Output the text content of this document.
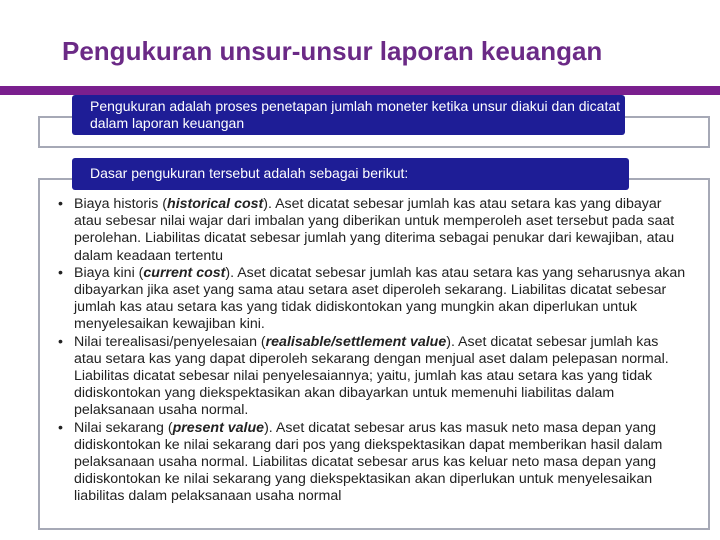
Pengukuran unsur-unsur laporan keuangan
Pengukuran adalah proses penetapan jumlah moneter ketika unsur diakui dan dicatat dalam laporan keuangan
Dasar pengukuran tersebut adalah sebagai berikut:
• Biaya historis (historical cost). Aset dicatat sebesar jumlah kas atau setara kas yang dibayar atau sebesar nilai wajar dari imbalan yang diberikan untuk memperoleh aset tersebut pada saat perolehan. Liabilitas dicatat sebesar jumlah yang diterima sebagai penukar dari kewajiban, atau dalam keadaan tertentu
• Biaya kini (current cost). Aset dicatat sebesar jumlah kas atau setara kas yang seharusnya akan dibayarkan jika aset yang sama atau setara aset diperoleh sekarang. Liabilitas dicatat sebesar jumlah kas atau setara kas yang tidak didiskontokan yang mungkin akan diperlukan untuk menyelesaikan kewajiban kini.
• Nilai terealisasi/penyelesaian (realisable/settlement value). Aset dicatat sebesar jumlah kas atau setara kas yang dapat diperoleh sekarang dengan menjual aset dalam pelepasan normal. Liabilitas dicatat sebesar nilai penyelesaiannya; yaitu, jumlah kas atau setara kas yang tidak didiskontokan yang diekspektasikan akan dibayarkan untuk memenuhi liabilitas dalam pelaksanaan usaha normal.
• Nilai sekarang (present value). Aset dicatat sebesar arus kas masuk neto masa depan yang didiskontokan ke nilai sekarang dari pos yang diekspektasikan dapat memberikan hasil dalam pelaksanaan usaha normal. Liabilitas dicatat sebesar arus kas keluar neto masa depan yang didiskontokan ke nilai sekarang yang diekspektasikan akan diperlukan untuk menyelesaikan liabilitas dalam pelaksanaan usaha normal
